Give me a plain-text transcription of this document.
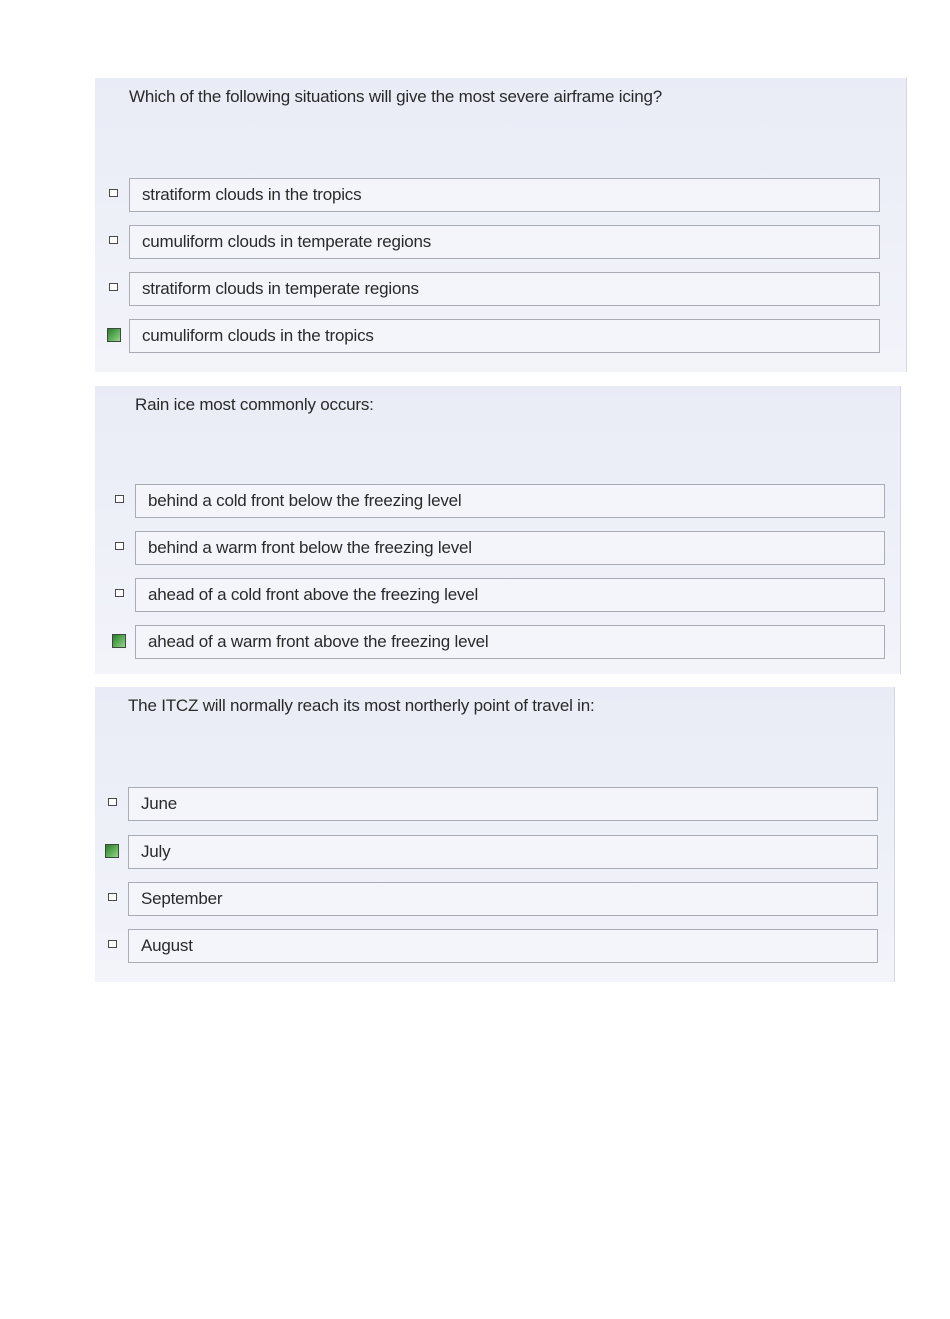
Which of the following situations will give the most severe airframe icing?
stratiform clouds in the tropics
cumuliform clouds in temperate regions
stratiform clouds in temperate regions
cumuliform clouds in the tropics
Rain ice most commonly occurs:
behind a cold front below the freezing level
behind a warm front below the freezing level
ahead of a cold front above the freezing level
ahead of a warm front above the freezing level
The ITCZ will normally reach its most northerly point of travel in:
June
July
September
August
